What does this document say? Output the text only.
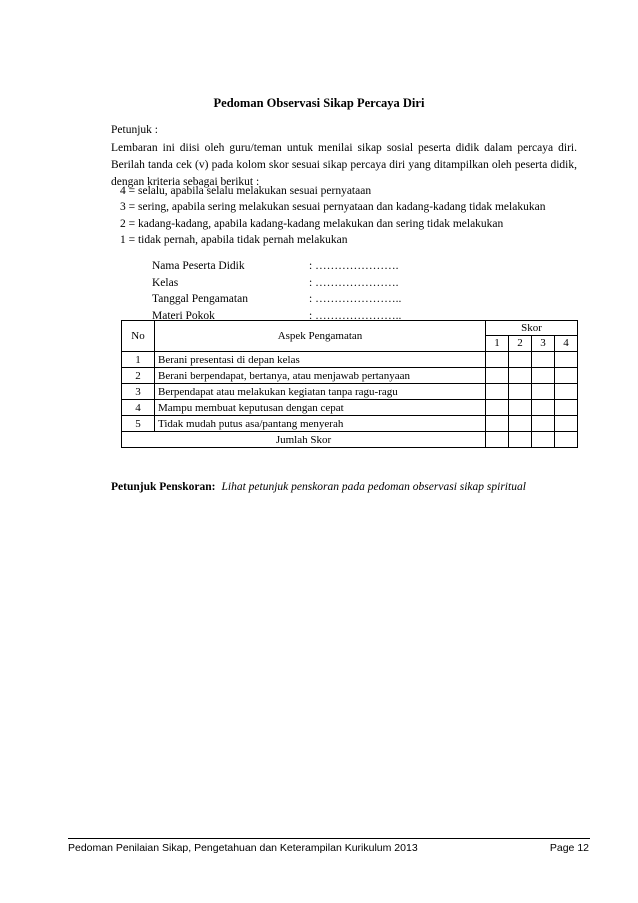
Pedoman Observasi Sikap Percaya Diri
Petunjuk :
Lembaran ini diisi oleh guru/teman untuk menilai sikap sosial peserta didik dalam percaya diri. Berilah tanda cek (v) pada kolom skor sesuai sikap percaya diri yang ditampilkan oleh peserta didik, dengan kriteria sebagai berikut :
4 = selalu, apabila selalu melakukan sesuai pernyataan
3 = sering, apabila sering melakukan sesuai pernyataan dan kadang-kadang tidak melakukan
2 = kadang-kadang, apabila kadang-kadang melakukan dan sering tidak melakukan
1 = tidak pernah, apabila tidak pernah melakukan
Nama Peserta Didik	: ………………….
Kelas	: ………………….
Tanggal Pengamatan	: …………………..
Materi Pokok	: …………………..
No	Aspek Pengamatan	Skor			
		1	2	3	4
1	Berani presentasi di depan kelas				
2	Berani berpendapat, bertanya, atau menjawab pertanyaan				
3	Berpendapat atau melakukan kegiatan tanpa ragu-ragu				
4	Mampu membuat keputusan dengan cepat				
5	Tidak mudah putus asa/pantang menyerah				
Jumlah Skor					
Petunjuk Penskoran: Lihat petunjuk penskoran pada pedoman observasi sikap spiritual
Pedoman Penilaian Sikap, Pengetahuan dan Keterampilan Kurikulum 2013	Page 12
